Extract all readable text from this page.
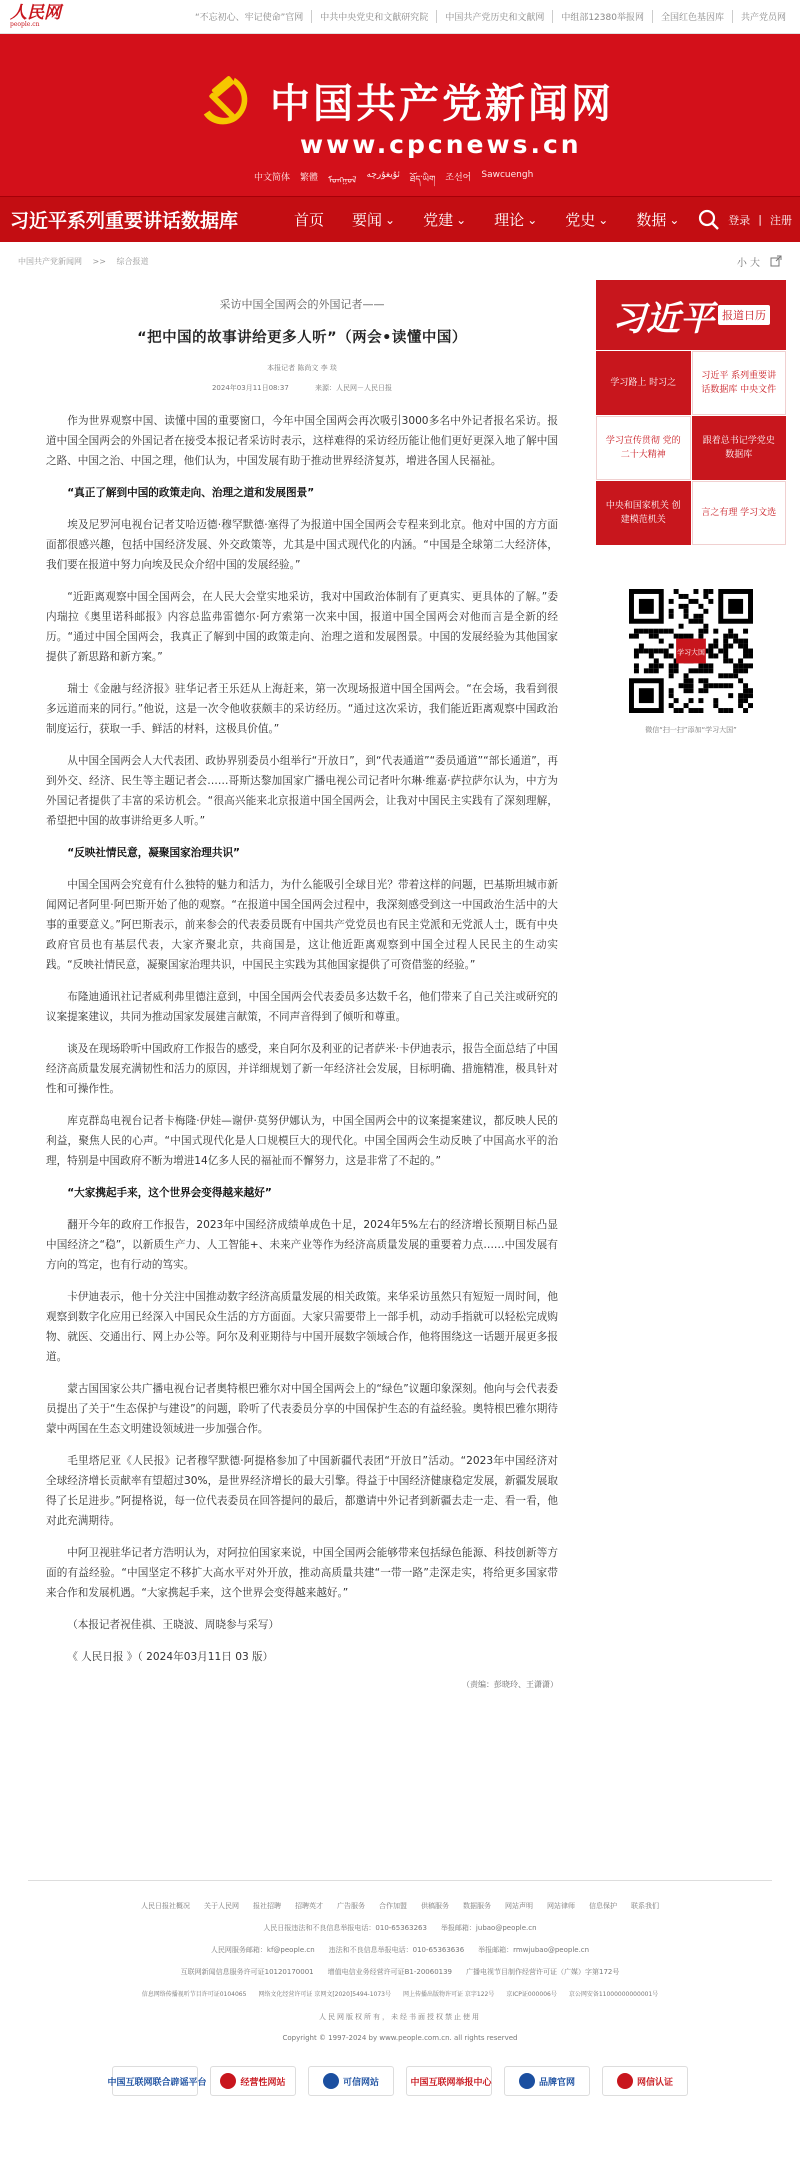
人民网
people.cn
“不忘初心、牢记使命”官网	中共中央党史和文献研究院	中国共产党历史和文献网	中组部12380举报网	全国红色基因库	共产党员网
中国共产党新闻网
www.cpcnews.cn
中文简体 繁體 ᠮᠤᠩᠭᠤᠯ
ئۇيغۇرچە ཐོད་ཡིག 조선어 Sawcuengh
习近平系列重要讲话数据库	首页 要闻 ⌄ 党建 ⌄ 理论 ⌄ 党史 ⌄ 数据 ⌄	登录 | 注册
中国共产党新闻网 >> 综合报道	小 大
采访中国全国两会的外国记者——
“把中国的故事讲给更多人听”（两会•读懂中国）
本报记者 陈尚文 李 琰
2024年03月11日08:37	来源：人民网－人民日报

作为世界观察中国、读懂中国的重要窗口，今年中国全国两会再次吸引3000多名中外记者报名采访。报道中国全国两会的外国记者在接受本报记者采访时表示，这样难得的采访经历能让他们更好更深入地了解中国之路、中国之治、中国之理，他们认为，中国发展有助于推动世界经济复苏，增进各国人民福祉。

“真正了解到中国的政策走向、治理之道和发展图景”

埃及尼罗河电视台记者艾哈迈德·穆罕默德·塞得了为报道中国全国两会专程来到北京。他对中国的方方面面都很感兴趣，包括中国经济发展、外交政策等，尤其是中国式现代化的内涵。“中国是全球第二大经济体，我们要在报道中努力向埃及民众介绍中国的发展经验。”

“近距离观察中国全国两会，在人民大会堂实地采访，我对中国政治体制有了更真实、更具体的了解。”委内瑞拉《奥里诺科邮报》内容总监弗雷德尔·阿方索第一次来中国，报道中国全国两会对他而言是全新的经历。“通过中国全国两会，我真正了解到中国的政策走向、治理之道和发展图景。中国的发展经验为其他国家提供了新思路和新方案。”

瑞士《金融与经济报》驻华记者王乐廷从上海赶来，第一次现场报道中国全国两会。“在会场，我看到很多远道而来的同行。”他说，这是一次令他收获颇丰的采访经历。“通过这次采访，我们能近距离观察中国政治制度运行，获取一手、鲜活的材料，这极具价值。”

从中国全国两会人大代表团、政协界别委员小组举行“开放日”，到“代表通道”“委员通道”“部长通道”，再到外交、经济、民生等主题记者会……哥斯达黎加国家广播电视公司记者叶尔琳·维嘉·萨拉萨尔认为，中方为外国记者提供了丰富的采访机会。“很高兴能来北京报道中国全国两会，让我对中国民主实践有了深刻理解，希望把中国的故事讲给更多人听。”

“反映社情民意，凝聚国家治理共识”

中国全国两会究竟有什么独特的魅力和活力，为什么能吸引全球目光？带着这样的问题，巴基斯坦城市新闻网记者阿里·阿巴斯开始了他的观察。“在报道中国全国两会过程中，我深刻感受到这一中国政治生活中的大事的重要意义。”阿巴斯表示，前来参会的代表委员既有中国共产党党员也有民主党派和无党派人士，既有中央政府官员也有基层代表，大家齐聚北京，共商国是，这让他近距离观察到中国全过程人民民主的生动实践。“反映社情民意，凝聚国家治理共识，中国民主实践为其他国家提供了可资借鉴的经验。”

布隆迪通讯社记者威利弗里德注意到，中国全国两会代表委员多达数千名，他们带来了自己关注或研究的议案提案建议，共同为推动国家发展建言献策，不同声音得到了倾听和尊重。

谈及在现场聆听中国政府工作报告的感受，来自阿尔及利亚的记者萨米·卡伊迪表示，报告全面总结了中国经济高质量发展充满韧性和活力的原因，并详细规划了新一年经济社会发展，目标明确、措施精准，极具针对性和可操作性。

库克群岛电视台记者卡梅隆·伊娃—谢伊·莫努伊娜认为，中国全国两会中的议案提案建议，都反映人民的利益，聚焦人民的心声。“中国式现代化是人口规模巨大的现代化。中国全国两会生动反映了中国高水平的治理，特别是中国政府不断为增进14亿多人民的福祉而不懈努力，这是非常了不起的。”

“大家携起手来，这个世界会变得越来越好”

翻开今年的政府工作报告，2023年中国经济成绩单成色十足，2024年5%左右的经济增长预期目标凸显中国经济之“稳”，以新质生产力、人工智能+、未来产业等作为经济高质量发展的重要着力点……中国发展有方向的笃定，也有行动的笃实。

卡伊迪表示，他十分关注中国推动数字经济高质量发展的相关政策。来华采访虽然只有短短一周时间，他观察到数字化应用已经深入中国民众生活的方方面面。大家只需要带上一部手机，动动手指就可以轻松完成购物、就医、交通出行、网上办公等。阿尔及利亚期待与中国开展数字领域合作，他将围绕这一话题开展更多报道。

蒙古国国家公共广播电视台记者奥特根巴雅尔对中国全国两会上的“绿色”议题印象深刻。他向与会代表委员提出了关于“生态保护与建设”的问题，聆听了代表委员分享的中国保护生态的有益经验。奥特根巴雅尔期待蒙中两国在生态文明建设领域进一步加强合作。

毛里塔尼亚《人民报》记者穆罕默德·阿提格参加了中国新疆代表团“开放日”活动。“2023年中国经济对全球经济增长贡献率有望超过30%，是世界经济增长的最大引擎。得益于中国经济健康稳定发展，新疆发展取得了长足进步。”阿提格说，每一位代表委员在回答提问的最后，都邀请中外记者到新疆去走一走、看一看，他对此充满期待。

中阿卫视驻华记者方浩明认为，对阿拉伯国家来说，中国全国两会能够带来包括绿色能源、科技创新等方面的有益经验。“中国坚定不移扩大高水平对外开放，推动高质量共建“一带一路”走深走实，将给更多国家带来合作和发展机遇。“大家携起手来，这个世界会变得越来越好。”

（本报记者祝佳祺、王晓波、周晓参与采写）

《 人民日报 》（ 2024年03月11日 03 版）

（责编：彭晓玲、王潇潇）
习近平 报道日历
学习路上 时习之
习近平 系列重要讲话数据库 中央文件
学习宣传贯彻 党的二十大精神
跟着总书记学党史 数据库
中央和国家机关 创建模范机关
言之有理 学习文选
学习大国
微信“扫一扫”添加“学习大国”
人民日报社概况 关于人民网 报社招聘 招聘英才 广告服务 合作加盟 供稿服务 数据服务 网站声明 网站律师 信息保护 联系我们
人民日报违法和不良信息举报电话：010-65363263　　举报邮箱：jubao@people.cn
人民网服务邮箱：kf@people.cn　　违法和不良信息举报电话：010-65363636　　举报邮箱：rmwjubao@people.cn
互联网新闻信息服务许可证10120170001　　增值电信业务经营许可证B1-20060139　　广播电视节目制作经营许可证（广媒）字第172号
信息网络传播视听节目许可证0104065　　网络文化经营许可证 京网文[2020]5494-1073号　　网上传播出版物许可证 京字122号　　京ICP证000006号　　京公网安备11000000000001号
人民网版权所有，未经书面授权禁止使用
Copyright © 1997-2024 by www.people.com.cn. all rights reserved
中国互联网联合辟谣平台	经营性网站	可信网站	中国互联网举报中心	品牌官网	网信认证
